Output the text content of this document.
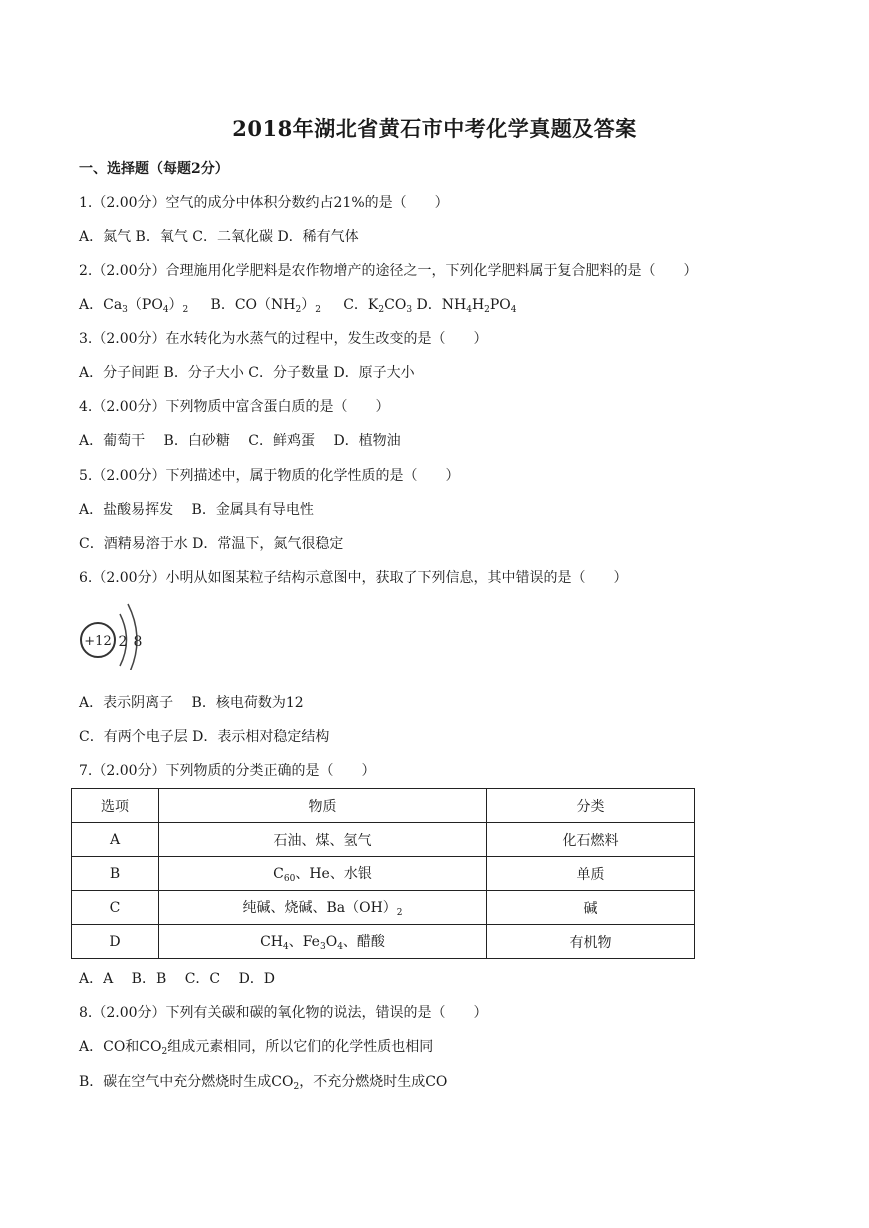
2018年湖北省黄石市中考化学真题及答案
一、选择题（每题2分）
1.（2.00分）空气的成分中体积分数约占21%的是（　　）
A．氮气 B．氧气 C．二氧化碳 D．稀有气体
2.（2.00分）合理施用化学肥料是农作物增产的途径之一，下列化学肥料属于复合肥料的是（　　）
A．$Ca_3(PO_4)_2$ B．$CO(NH_2)_2$ C．$K_2CO_3$ D．$NH_4H_2PO_4$
3.（2.00分）在水转化为水蒸气的过程中，发生改变的是（　　）
A．分子间距 B．分子大小 C．分子数量 D．原子大小
4.（2.00分）下列物质中富含蛋白质的是（　　）
A．葡萄干　 B．白砂糖　 C．鲜鸡蛋　 D．植物油
5.（2.00分）下列描述中，属于物质的化学性质的是（　　）
A．盐酸易挥发　 B．金属具有导电性
C．酒精易溶于水 D．常温下，氮气很稳定
6.（2.00分）小明从如图某粒子结构示意图中，获取了下列信息，其中错误的是（　　）
+12 2 8
A．表示阴离子　 B．核电荷数为12
C．有两个电子层 D．表示相对稳定结构
7.（2.00分）下列物质的分类正确的是（　　）
选项	物质	分类
A	石油、煤、氢气	化石燃料
B	$C_{60}$、He、水银	单质
C	纯碱、烧碱、$Ba(OH)_2$	碱
D	$CH_4$、$Fe_3O_4$、醋酸	有机物
A．A　 B．B　 C．C　 D．D
8.（2.00分）下列有关碳和碳的氧化物的说法，错误的是（　　）
A．CO和$CO_2$组成元素相同，所以它们的化学性质也相同
B．碳在空气中充分燃烧时生成$CO_2$，不充分燃烧时生成CO
